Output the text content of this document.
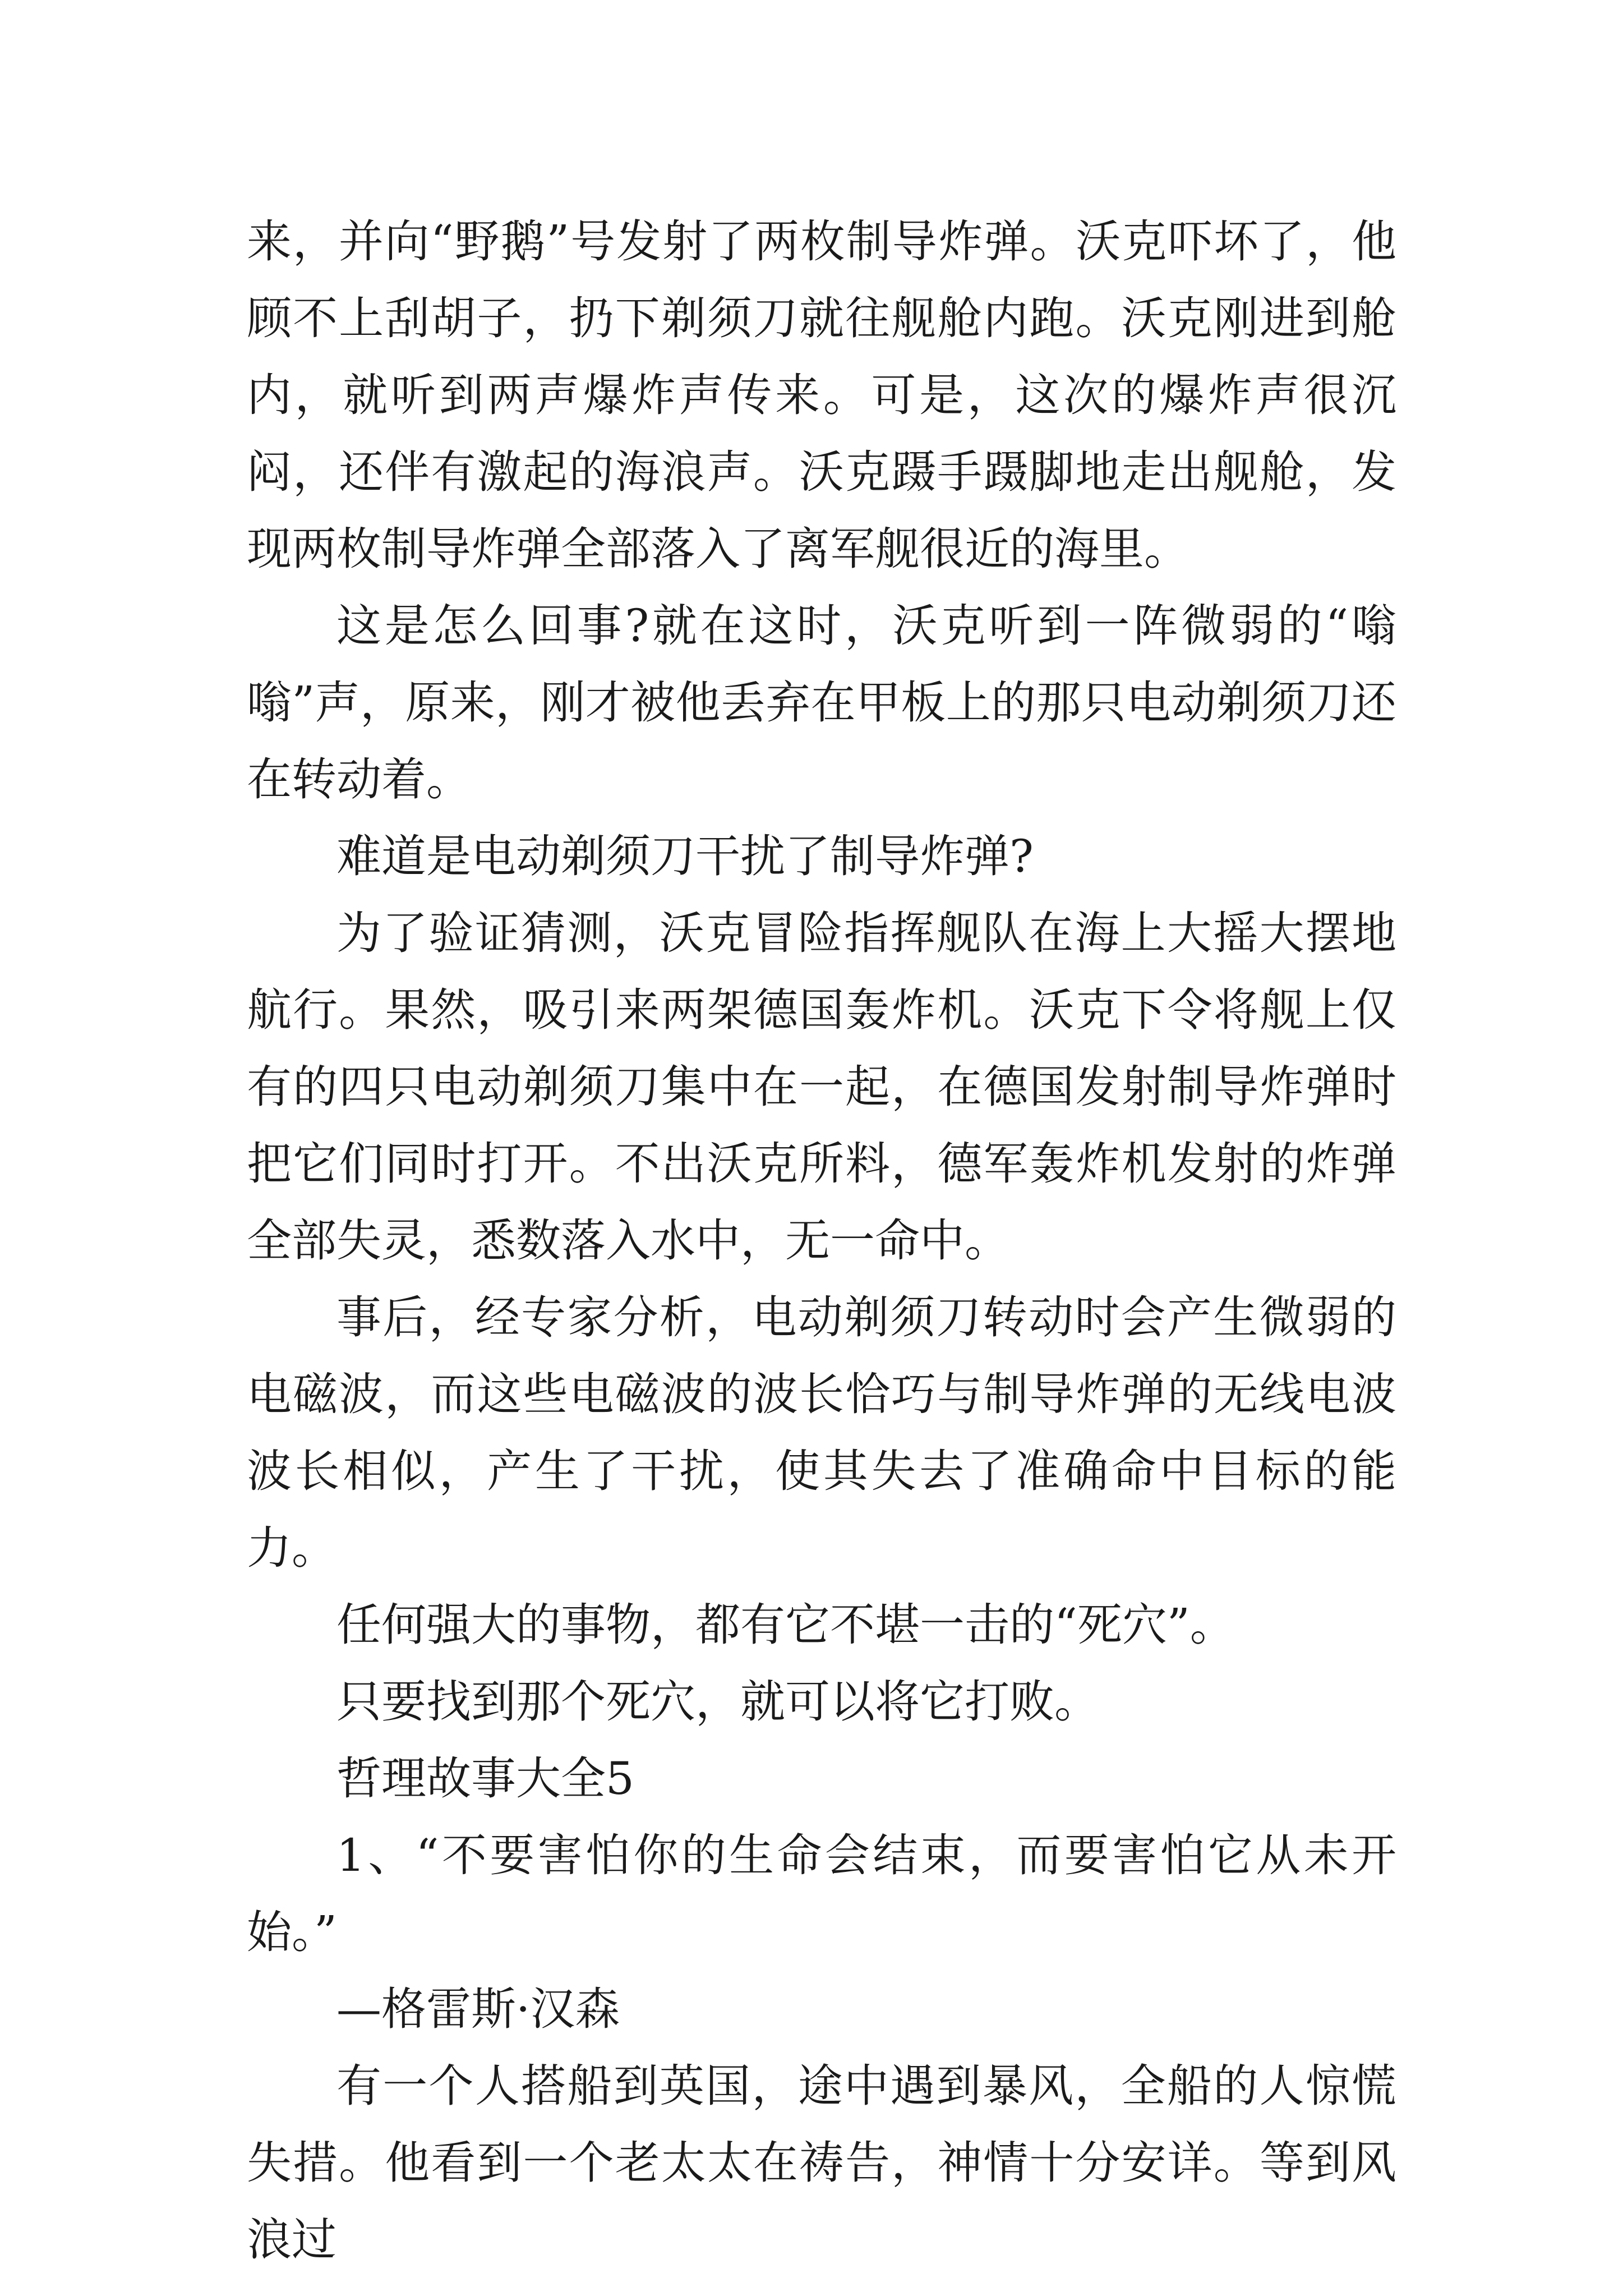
来，并向“野鹅”号发射了两枚制导炸弹。沃克吓坏了，他顾不上刮胡子，扔下剃须刀就往舰舱内跑。沃克刚进到舱内，就听到两声爆炸声传来。可是，这次的爆炸声很沉闷，还伴有激起的海浪声。沃克蹑手蹑脚地走出舰舱，发现两枚制导炸弹全部落入了离军舰很近的海里。

这是怎么回事?就在这时，沃克听到一阵微弱的“嗡嗡”声，原来，刚才被他丢弃在甲板上的那只电动剃须刀还在转动着。

难道是电动剃须刀干扰了制导炸弹?

为了验证猜测，沃克冒险指挥舰队在海上大摇大摆地航行。果然，吸引来两架德国轰炸机。沃克下令将舰上仅有的四只电动剃须刀集中在一起，在德国发射制导炸弹时把它们同时打开。不出沃克所料，德军轰炸机发射的炸弹全部失灵，悉数落入水中，无一命中。

事后，经专家分析，电动剃须刀转动时会产生微弱的电磁波，而这些电磁波的波长恰巧与制导炸弹的无线电波波长相似，产生了干扰，使其失去了准确命中目标的能力。

任何强大的事物，都有它不堪一击的“死穴”。

只要找到那个死穴，就可以将它打败。

哲理故事大全5

1、“不要害怕你的生命会结束，而要害怕它从未开始。”

—格雷斯·汉森

有一个人搭船到英国，途中遇到暴风，全船的人惊慌失措。他看到一个老太太在祷告，神情十分安详。等到风浪过
